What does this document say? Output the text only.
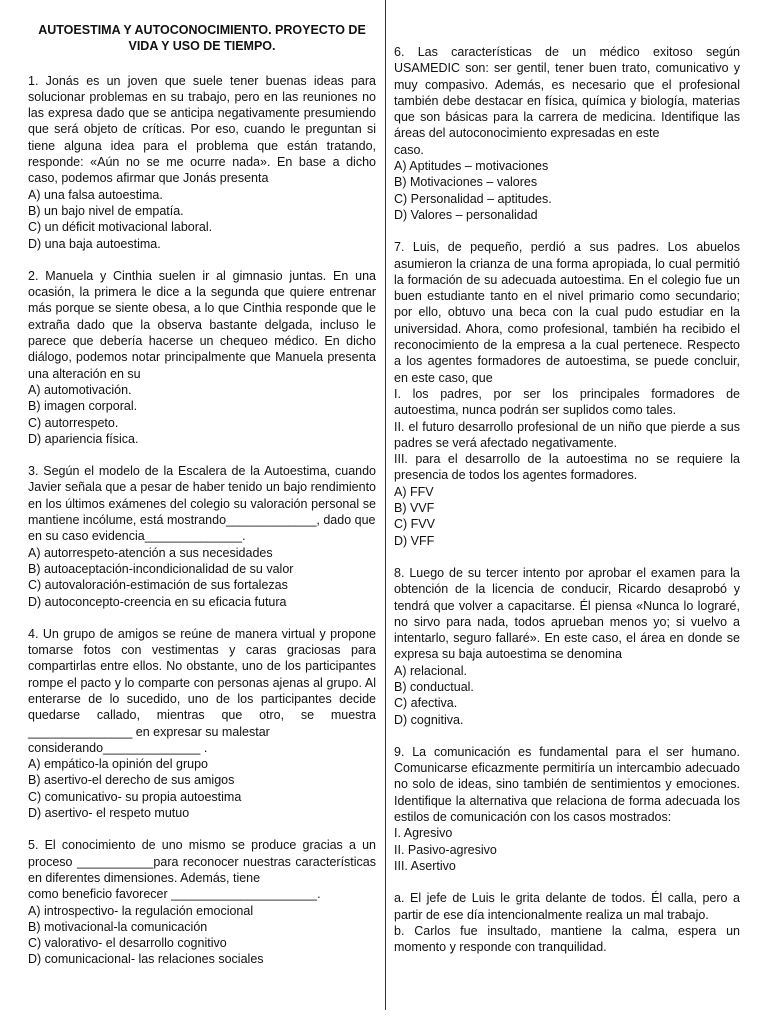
AUTOESTIMA Y AUTOCONOCIMIENTO. PROYECTO DE VIDA Y USO DE TIEMPO.

1. Jonás es un joven que suele tener buenas ideas para solucionar problemas en su trabajo, pero en las reuniones no las expresa dado que se anticipa negativamente presumiendo que será objeto de críticas. Por eso, cuando le preguntan si tiene alguna idea para el problema que están tratando, responde: «Aún no se me ocurre nada». En base a dicho caso, podemos afirmar que Jonás presenta

A) una falsa autoestima.
B) un bajo nivel de empatía.
C) un déficit motivacional laboral.
D) una baja autoestima.

2. Manuela y Cinthia suelen ir al gimnasio juntas. En una ocasión, la primera le dice a la segunda que quiere entrenar más porque se siente obesa, a lo que Cinthia responde que le extraña dado que la observa bastante delgada, incluso le parece que debería hacerse un chequeo médico. En dicho diálogo, podemos notar principalmente que Manuela presenta una alteración en su

A) automotivación.
B) imagen corporal.
C) autorrespeto.
D) apariencia física.

3. Según el modelo de la Escalera de la Autoestima, cuando Javier señala que a pesar de haber tenido un bajo rendimiento en los últimos exámenes del colegio su valoración personal se mantiene incólume, está mostrando_____________, dado que

en su caso evidencia______________.

A) autorrespeto-atención a sus necesidades
B) autoaceptación-incondicionalidad de su valor
C) autovaloración-estimación de sus fortalezas
D) autoconcepto-creencia en su eficacia futura

4. Un grupo de amigos se reúne de manera virtual y propone tomarse fotos con vestimentas y caras graciosas para compartirlas entre ellos. No obstante, uno de los participantes rompe el pacto y lo comparte con personas ajenas al grupo. Al enterarse de lo sucedido, uno de los participantes decide quedarse callado, mientras que otro, se muestra _______________ en expresar su malestar

considerando______________ .

A) empático-la opinión del grupo
B) asertivo-el derecho de sus amigos
C) comunicativo- su propia autoestima
D) asertivo- el respeto mutuo

5. El conocimiento de uno mismo se produce gracias a un proceso ___________para reconocer nuestras características en diferentes dimensiones. Además, tiene

como beneficio favorecer _____________________.

A) introspectivo- la regulación emocional
B) motivacional-la comunicación
C) valorativo- el desarrollo cognitivo
D) comunicacional- las relaciones sociales

6. Las características de un médico exitoso según USAMEDIC son: ser gentil, tener buen trato, comunicativo y muy compasivo. Además, es necesario que el profesional también debe destacar en física, química y biología, materias que son básicas para la carrera de medicina. Identifique las áreas del autoconocimiento expresadas en este

caso.

A) Aptitudes – motivaciones
B) Motivaciones – valores
C) Personalidad – aptitudes.
D) Valores – personalidad

7. Luis, de pequeño, perdió a sus padres. Los abuelos asumieron la crianza de una forma apropiada, lo cual permitió la formación de su adecuada autoestima. En el colegio fue un buen estudiante tanto en el nivel primario como secundario; por ello, obtuvo una beca con la cual pudo estudiar en la universidad. Ahora, como profesional, también ha recibido el reconocimiento de la empresa a la cual pertenece. Respecto a los agentes formadores de autoestima, se puede concluir, en este caso, que

I. los padres, por ser los principales formadores de autoestima, nunca podrán ser suplidos como tales.

II. el futuro desarrollo profesional de un niño que pierde a sus padres se verá afectado negativamente.

III. para el desarrollo de la autoestima no se requiere la presencia de todos los agentes formadores.

A) FFV
B) VVF
C) FVV
D) VFF

8. Luego de su tercer intento por aprobar el examen para la obtención de la licencia de conducir, Ricardo desaprobó y tendrá que volver a capacitarse. Él piensa «Nunca lo lograré, no sirvo para nada, todos aprueban menos yo; si vuelvo a intentarlo, seguro fallaré». En este caso, el área en donde se expresa su baja autoestima se denomina

A) relacional.
B) conductual.
C) afectiva.
D) cognitiva.

9. La comunicación es fundamental para el ser humano. Comunicarse eficazmente permitiría un intercambio adecuado no solo de ideas, sino también de sentimientos y emociones. Identifique la alternativa que relaciona de forma adecuada los estilos de comunicación con los casos mostrados:

I. Agresivo
II. Pasivo-agresivo
III. Asertivo

a. El jefe de Luis le grita delante de todos. Él calla, pero a partir de ese día intencionalmente realiza un mal trabajo.

b. Carlos fue insultado, mantiene la calma, espera un momento y responde con tranquilidad.
